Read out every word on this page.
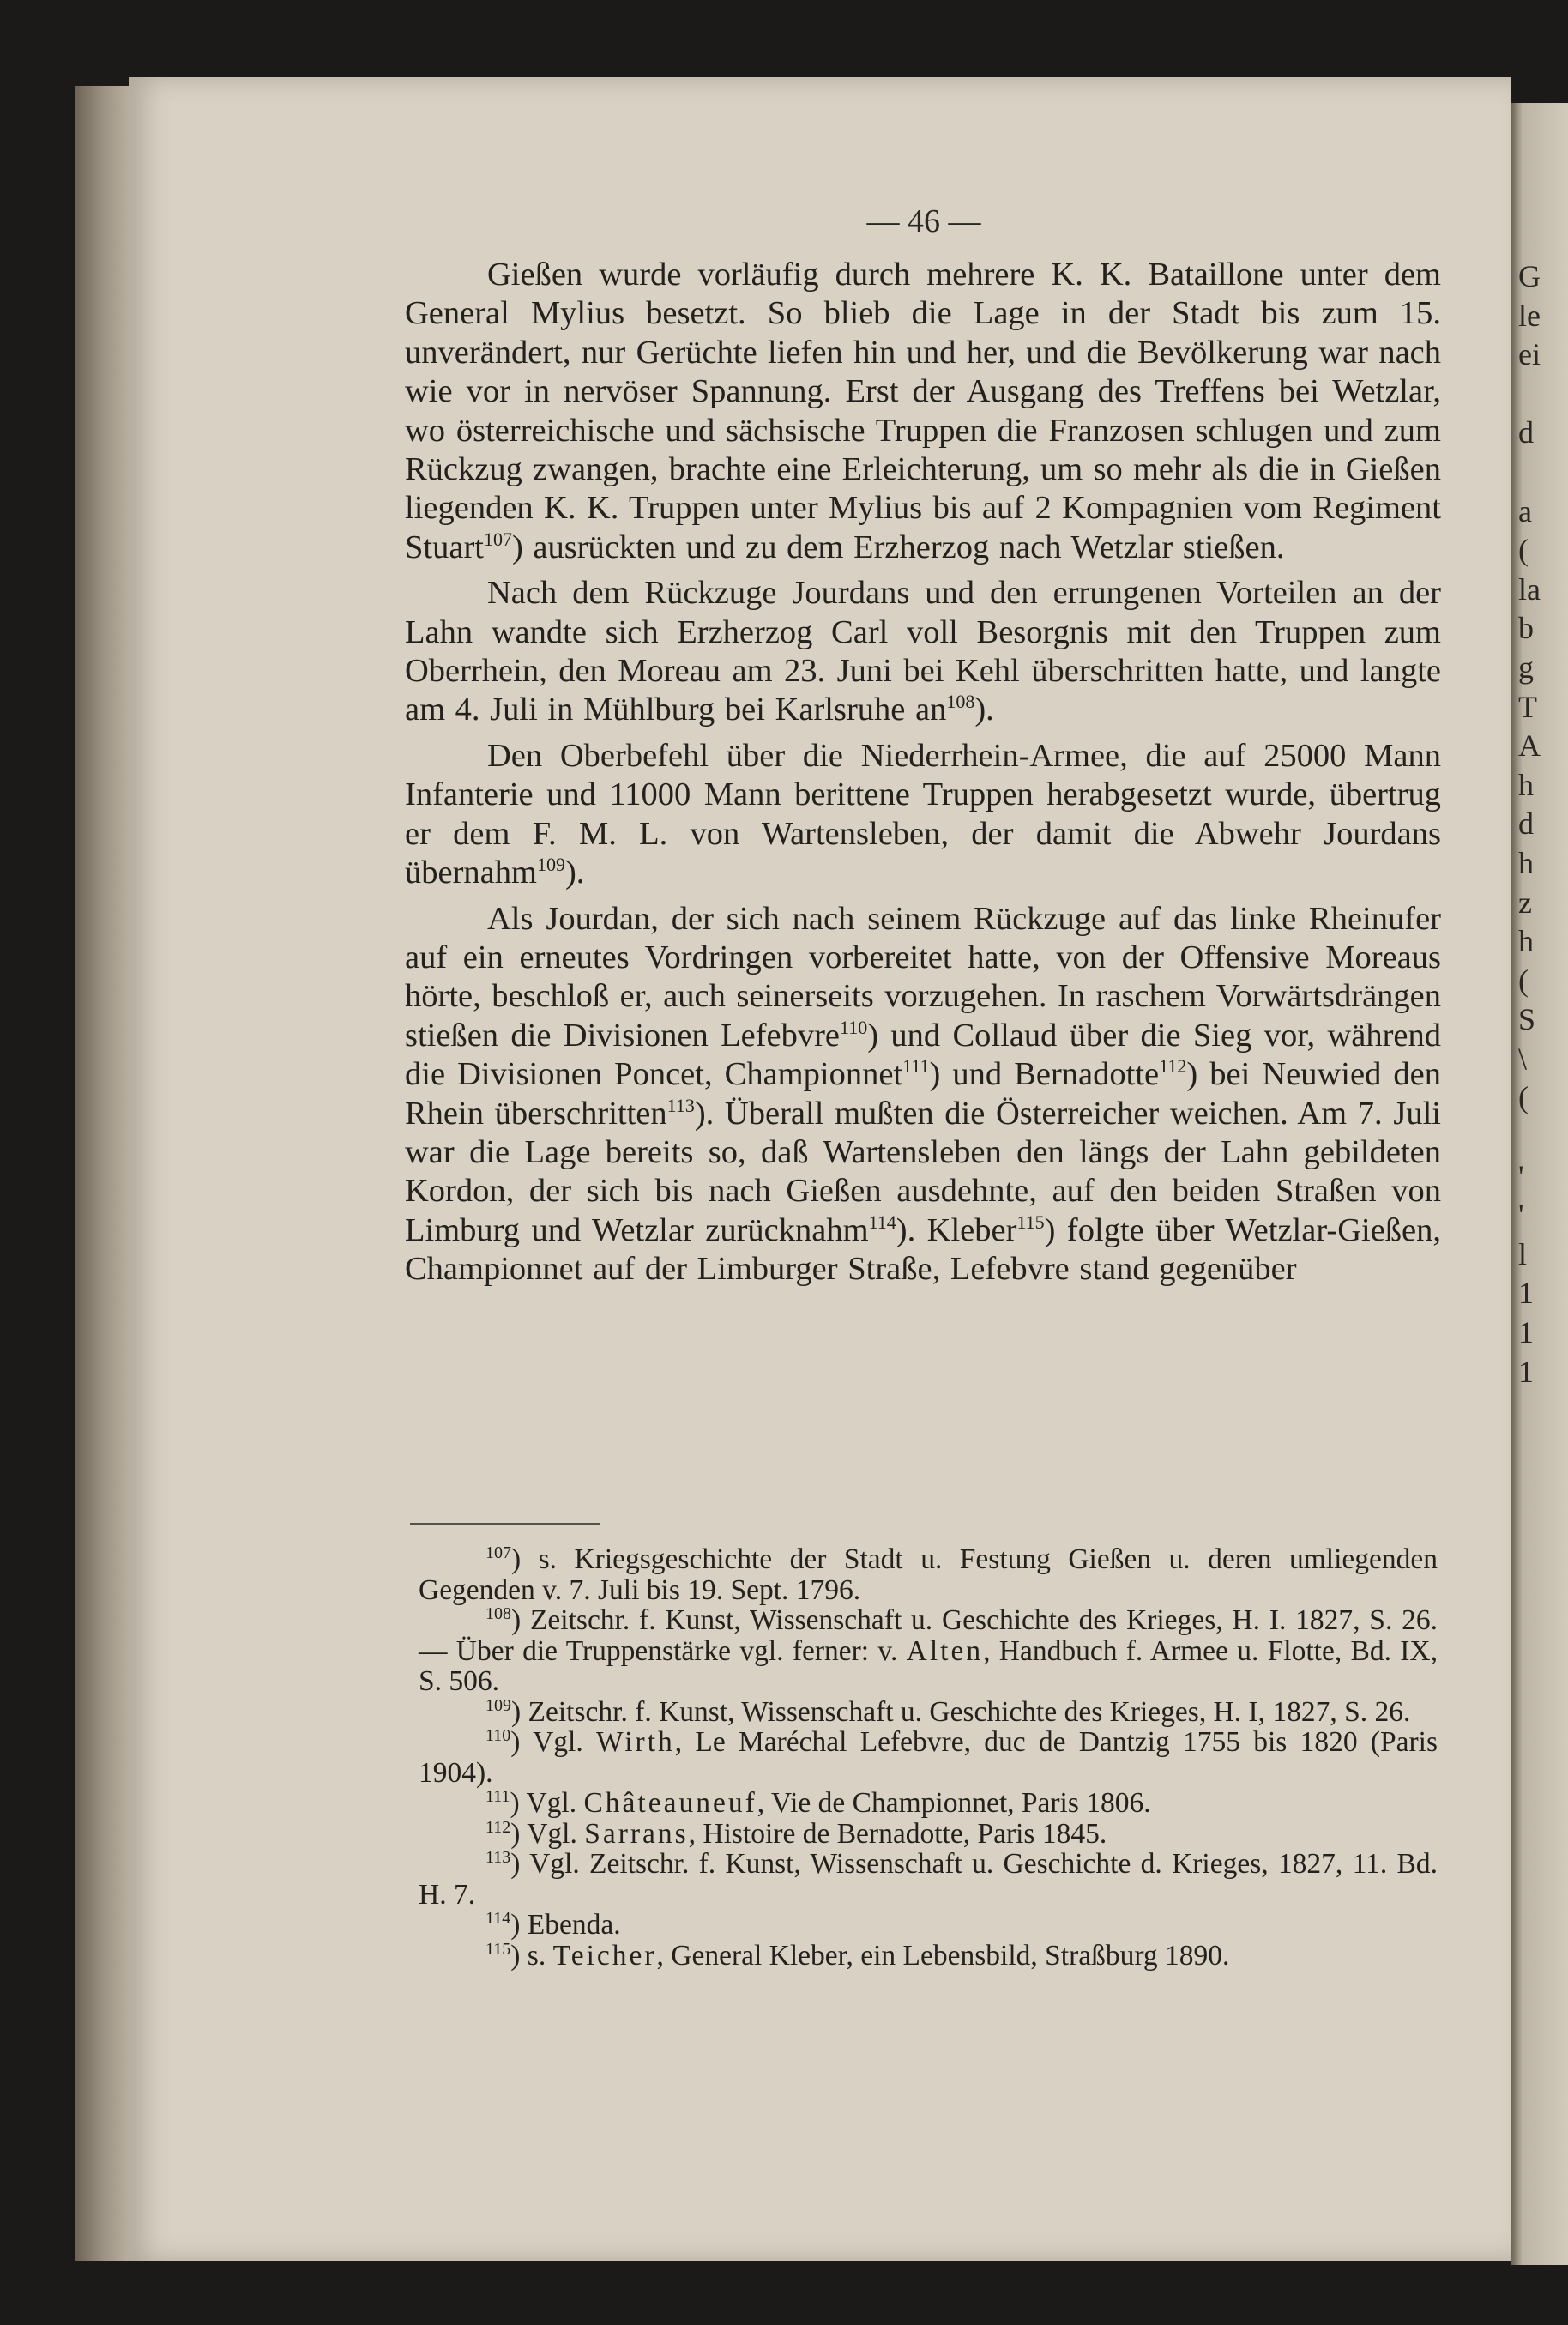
G
le
ei
d
a
(
la
b
g
T
A
h
d
h
z
h
(
S
\
(
'
'
l
1
1
1
— 46 —

Gießen wurde vorläufig durch mehrere K. K. Bataillone unter dem General Mylius besetzt. So blieb die Lage in der Stadt bis zum 15. unverändert, nur Gerüchte liefen hin und her, und die Bevölkerung war nach wie vor in nervöser Spannung. Erst der Ausgang des Treffens bei Wetzlar, wo österreichische und sächsische Truppen die Franzosen schlugen und zum Rückzug zwangen, brachte eine Erleichterung, um so mehr als die in Gießen liegenden K. K. Truppen unter Mylius bis auf 2 Kompagnien vom Regiment Stuart$^{107}$) ausrückten und zu dem Erzherzog nach Wetzlar stießen.

Nach dem Rückzuge Jourdans und den errungenen Vorteilen an der Lahn wandte sich Erzherzog Carl voll Besorgnis mit den Truppen zum Oberrhein, den Moreau am 23. Juni bei Kehl überschritten hatte, und langte am 4. Juli in Mühlburg bei Karlsruhe $an^{108}$).

Den Oberbefehl über die Niederrhein-Armee, die auf 25000 Mann Infanterie und 11000 Mann berittene Truppen herabgesetzt wurde, übertrug er dem F. M. L. von Wartensleben, der damit die Abwehr Jourdans übernahm$^{109}$).

Als Jourdan, der sich nach seinem Rückzuge auf das linke Rheinufer auf ein erneutes Vordringen vorbereitet hatte, von der Offensive Moreaus hörte, beschloß er, auch seinerseits vorzugehen. In raschem Vorwärtsdrängen stießen die Divisionen Lefebvre$^{110}$) und Collaud über die Sieg vor, während die Divisionen Poncet, Championnet$^{111}$) und Bernadotte$^{112}$) bei Neuwied den Rhein überschritten$^{113}$). Überall mußten die Österreicher weichen. Am 7. Juli war die Lage bereits so, daß Wartensleben den längs der Lahn gebildeten Kordon, der sich bis nach Gießen ausdehnte, auf den beiden Straßen von Limburg und Wetzlar zurücknahm$^{114}$). Kleber$^{115}$) folgte über Wetzlar-Gießen, Championnet auf der Limburger Straße, Lefebvre stand gegenüber

$^{107}$) s. Kriegsgeschichte der Stadt u. Festung Gießen u. deren umliegenden Gegenden v. 7. Juli bis 19. Sept. 1796.

$^{108}$) Zeitschr. f. Kunst, Wissenschaft u. Geschichte des Krieges, H. I. 1827, S. 26. — Über die Truppenstärke vgl. ferner: v. Alten, Handbuch f. Armee u. Flotte, Bd. IX, S. 506.

$^{109}$) Zeitschr. f. Kunst, Wissenschaft u. Geschichte des Krieges, H. I, 1827, S. 26.

$^{110}$) Vgl. Wirth, Le Maréchal Lefebvre, duc de Dantzig 1755 bis 1820 (Paris 1904).

$^{111}$) Vgl. Châteauneuf, Vie de Championnet, Paris 1806.

$^{112}$) Vgl. Sarrans, Histoire de Bernadotte, Paris 1845.

$^{113}$) Vgl. Zeitschr. f. Kunst, Wissenschaft u. Geschichte d. Krieges, 1827, 11. Bd. H. 7.

$^{114}$) Ebenda.

$^{115}$) s. Teicher, General Kleber, ein Lebensbild, Straßburg 1890.
